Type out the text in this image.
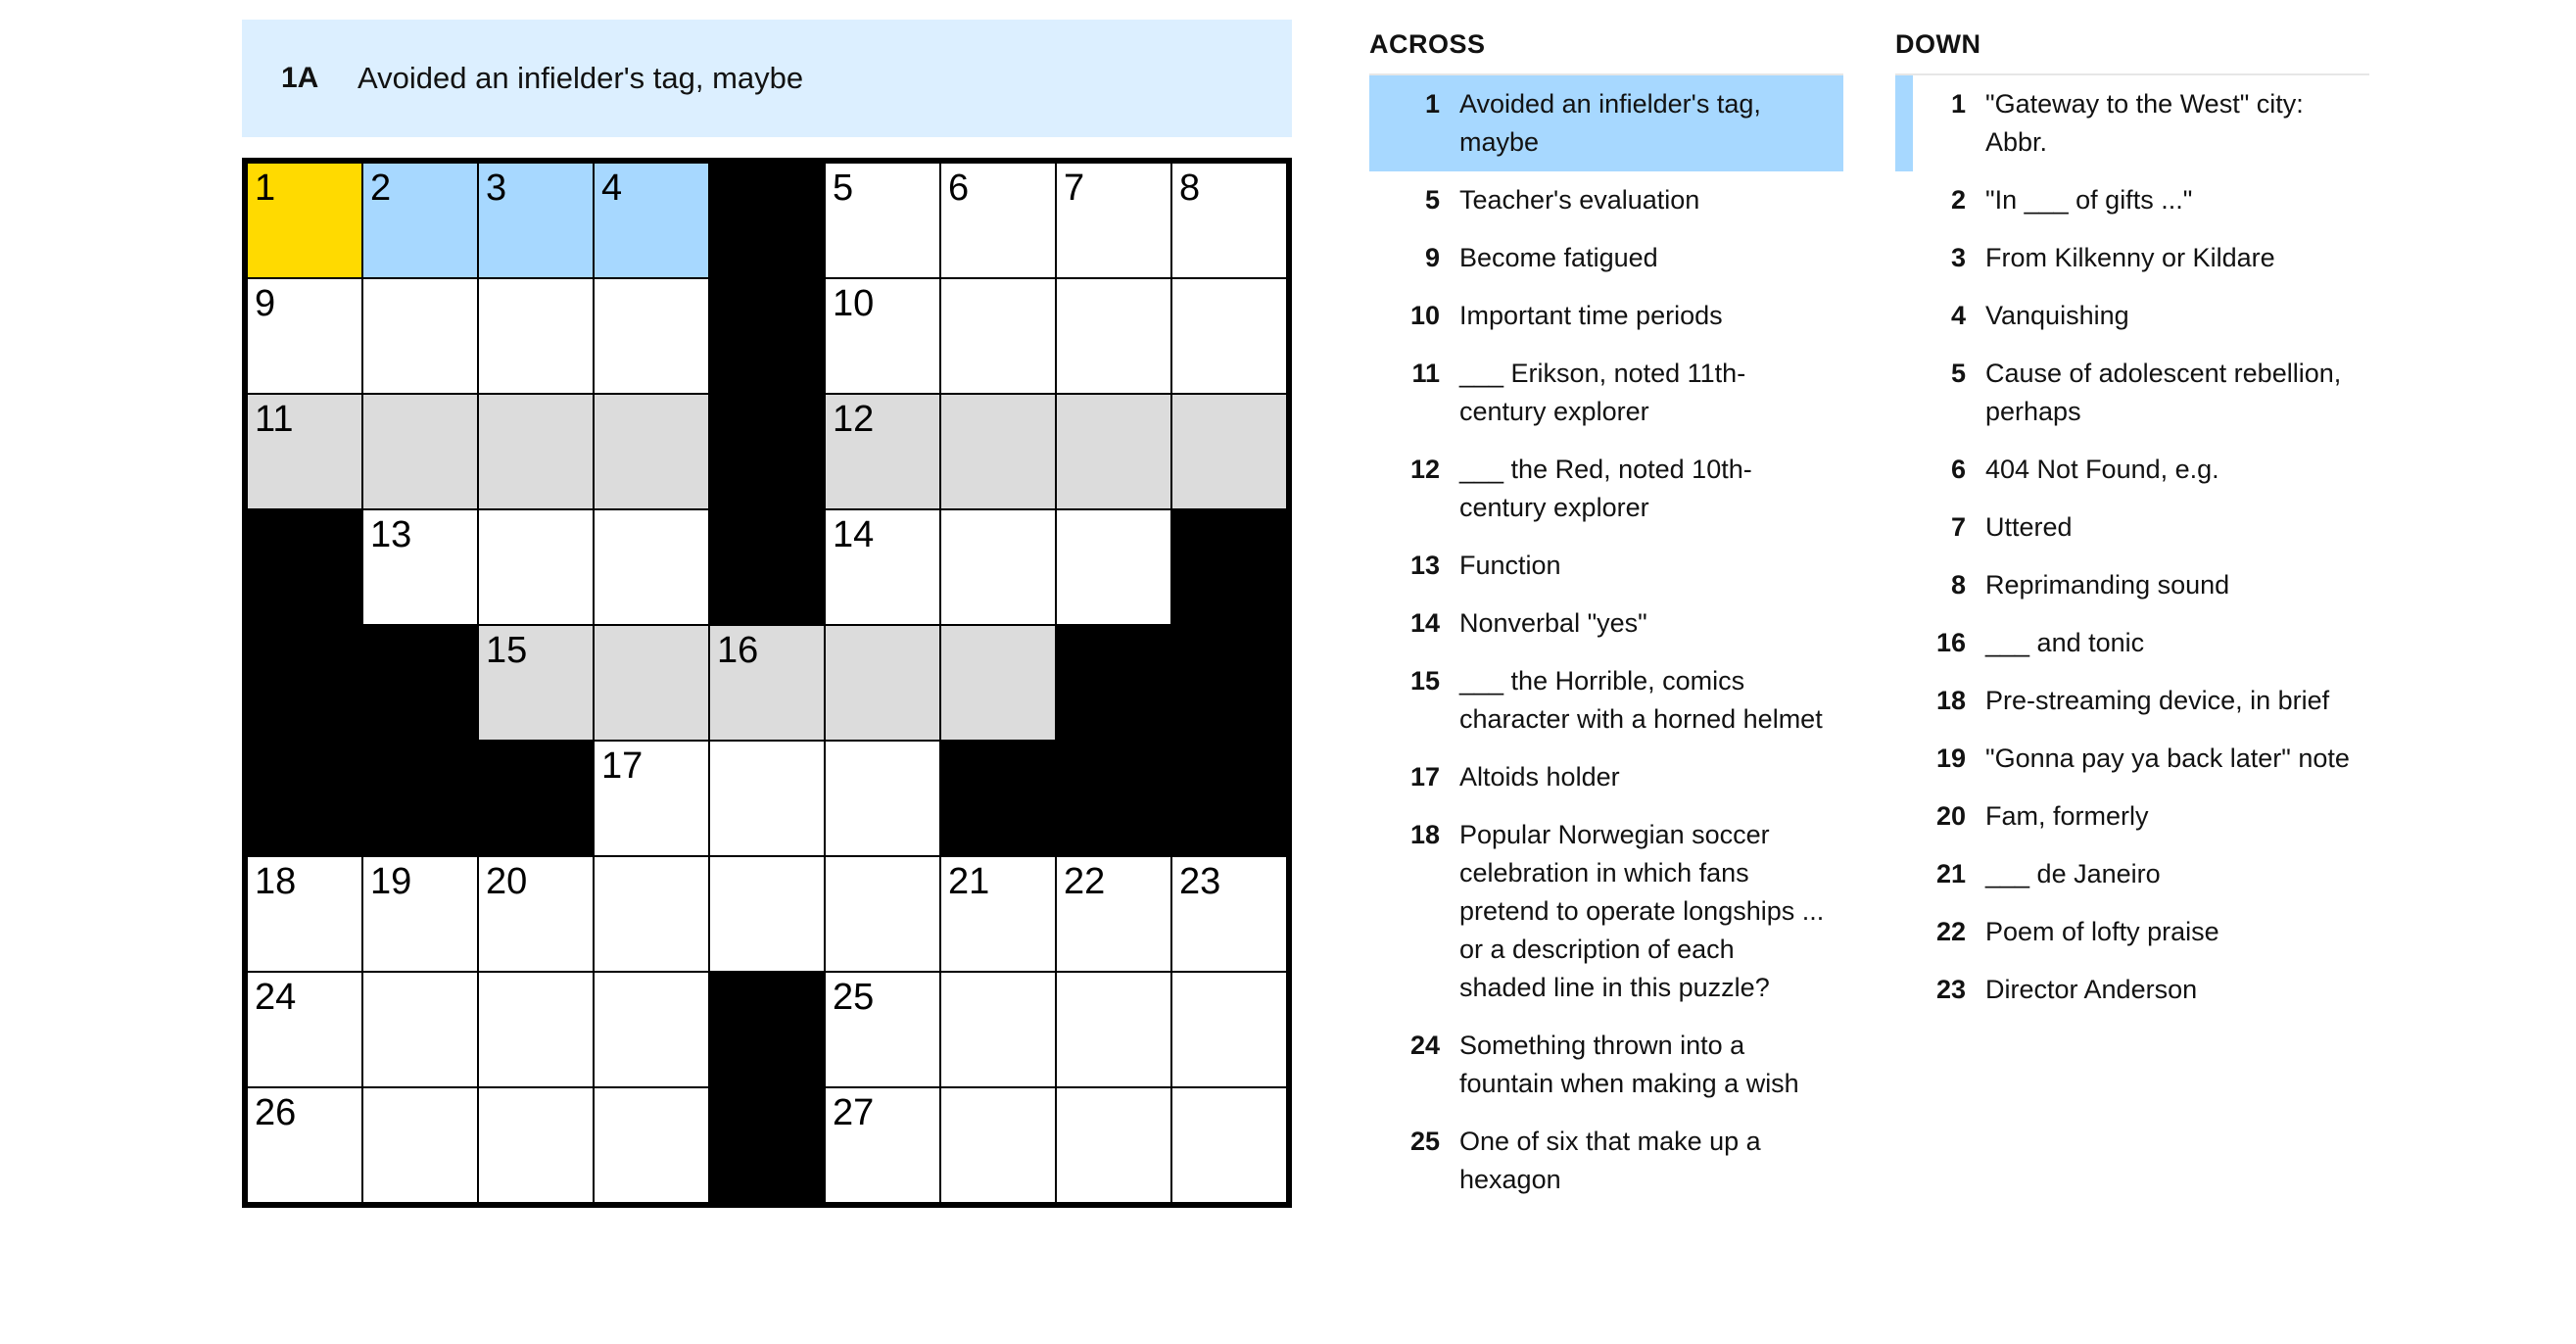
1A	Avoided an infielder's tag, maybe
1	2	3	4	5	6	7	8
9	10
11	12
13	14
15	16
17
18 19 20	21 22 23
24	25
26	27
ACROSS
1 Avoided an infielder's tag, maybe
5 Teacher's evaluation
9 Become fatigued
10 Important time periods
11 ___ Erikson, noted 11th-century explorer
12 ___ the Red, noted 10th-century explorer
13 Function
14 Nonverbal "yes"
15 ___ the Horrible, comics character with a horned helmet
17 Altoids holder
18 Popular Norwegian soccer celebration in which fans pretend to operate longships ... or a description of each shaded line in this puzzle?
24 Something thrown into a fountain when making a wish
25 One of six that make up a hexagon
DOWN
1 "Gateway to the West" city: Abbr.
2 "In ___ of gifts ..."
3 From Kilkenny or Kildare
4 Vanquishing
5 Cause of adolescent rebellion, perhaps
6 404 Not Found, e.g.
7 Uttered
8 Reprimanding sound
16 ___ and tonic
18 Pre-streaming device, in brief
19 "Gonna pay ya back later" note
20 Fam, formerly
21 ___ de Janeiro
22 Poem of lofty praise
23 Director Anderson
